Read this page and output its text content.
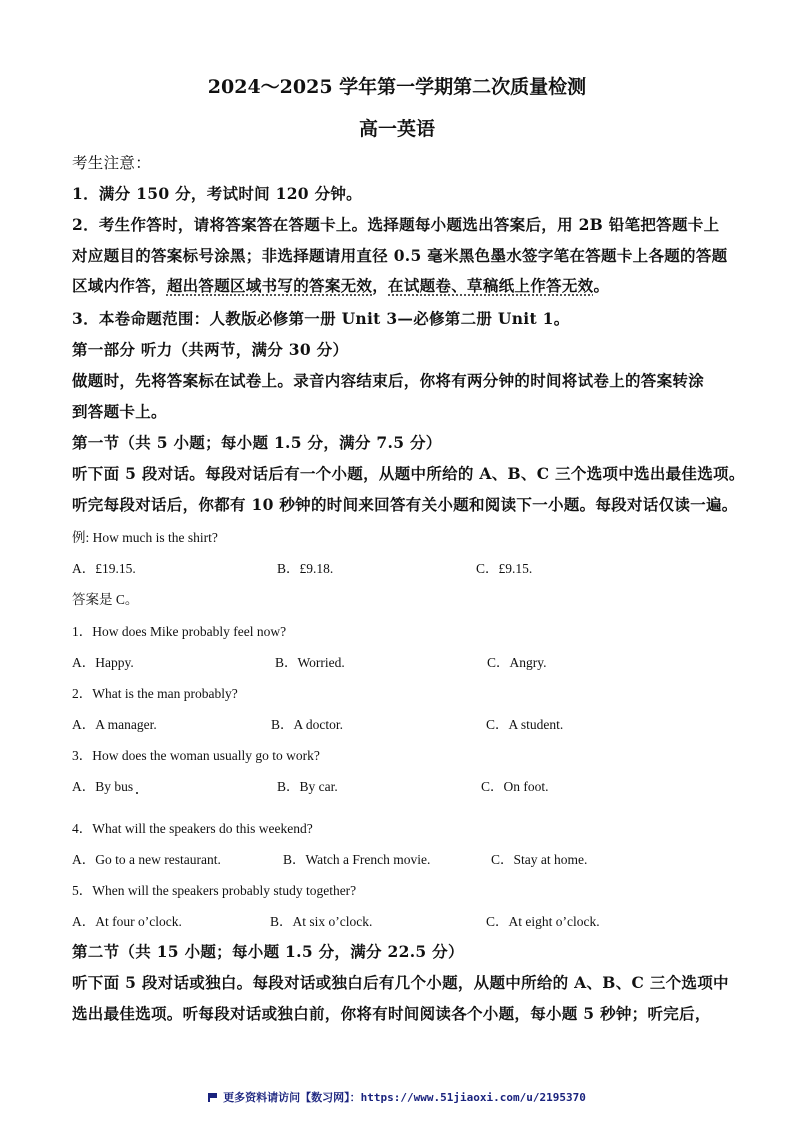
2024～2025 学年第一学期第二次质量检测
高一英语
考生注意：
1．满分 150 分，考试时间 120 分钟。
2．考生作答时，请将答案答在答题卡上。选择题每小题选出答案后，用 2B 铅笔把答题卡上
对应题目的答案标号涂黑；非选择题请用直径 0.5 毫米黑色墨水签字笔在答题卡上各题的答题
区域内作答，超出答题区域书写的答案无效，在试题卷、草稿纸上作答无效。
3．本卷命题范围：人教版必修第一册 Unit 3—必修第二册 Unit 1。
第一部分 听力（共两节，满分 30 分）
做题时，先将答案标在试卷上。录音内容结束后，你将有两分钟的时间将试卷上的答案转涂
到答题卡上。
第一节（共 5 小题；每小题 1.5 分，满分 7.5 分）
听下面 5 段对话。每段对话后有一个小题，从题中所给的 A、B、C 三个选项中选出最佳选项。
听完每段对话后，你都有 10 秒钟的时间来回答有关小题和阅读下一小题。每段对话仅读一遍。
例: How much is the shirt?
A．£19.15.	B．£9.18.	C．£9.15.
答案是 C。
1．How does Mike probably feel now?
A．Happy.	B．Worried.	C．Angry.
2．What is the man probably?
A．A manager.	B．A doctor.	C．A student.
3．How does the woman usually go to work?
A．By bus	B．By car.	C．On foot.
4．What will the speakers do this weekend?
A．Go to a new restaurant.	B．Watch a French movie.	C．Stay at home.
5．When will the speakers probably study together?
A．At four o’clock.	B．At six o’clock.	C．At eight o’clock.
第二节（共 15 小题；每小题 1.5 分，满分 22.5 分）
听下面 5 段对话或独白。每段对话或独白后有几个小题，从题中所给的 A、B、C 三个选项中
选出最佳选项。听每段对话或独白前，你将有时间阅读各个小题，每小题 5 秒钟；听完后，
更多资料请访问【数习网】：https://www.51jiaoxi.com/u/2195370
